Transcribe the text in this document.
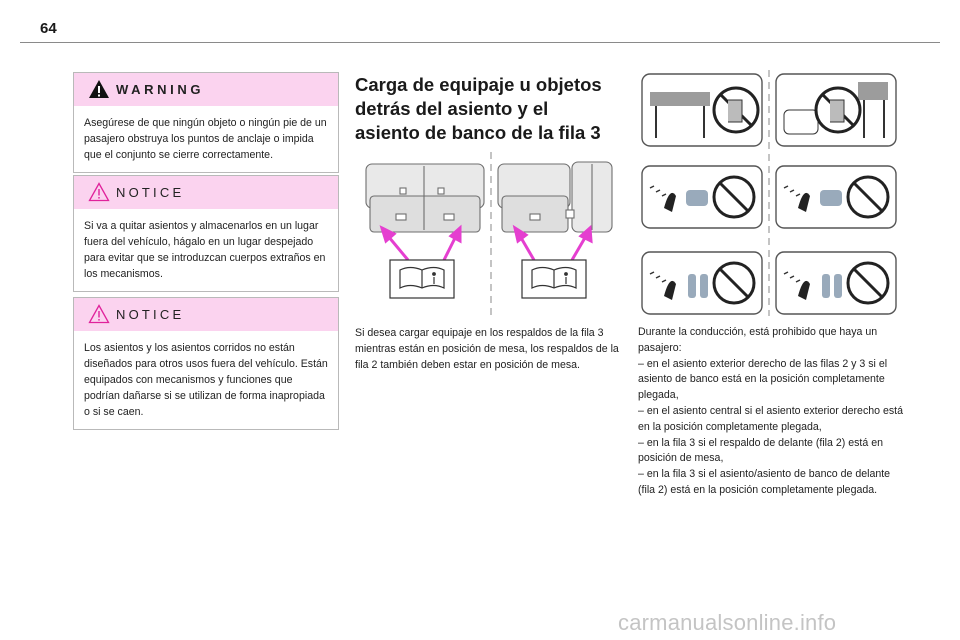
64
WARNING
Asegúrese de que ningún objeto o ningún pie de un pasajero obstruya los puntos de anclaje o impida que el conjunto se cierre correctamente.
NOTICE
Si va a quitar asientos y almacenarlos en un lugar fuera del vehículo, hágalo en un lugar despejado para evitar que se introduzcan cuerpos extraños en los mecanismos.
NOTICE
Los asientos y los asientos corridos no están diseñados para otros usos fuera del vehículo. Están equipados con mecanismos y funciones que podrían dañarse si se utilizan de forma inapropiada o si se caen.
Carga de equipaje u objetos detrás del asiento y el asiento de banco de la fila 3
Si desea cargar equipaje en los respaldos de la fila 3 mientras están en posición de mesa, los respaldos de la fila 2 también deben estar en posición de mesa.
Durante la conducción, está prohibido que haya un pasajero:
– en el asiento exterior derecho de las filas 2 y 3 si el asiento de banco está en la posición completamente plegada,
– en el asiento central si el asiento exterior derecho está en la posición completamente plegada,
– en la fila 3 si el respaldo de delante (fila 2) está en posición de mesa,
– en la fila 3 si el asiento/asiento de banco de delante (fila 2) está en la posición completamente plegada.
carmanualsonline.info
